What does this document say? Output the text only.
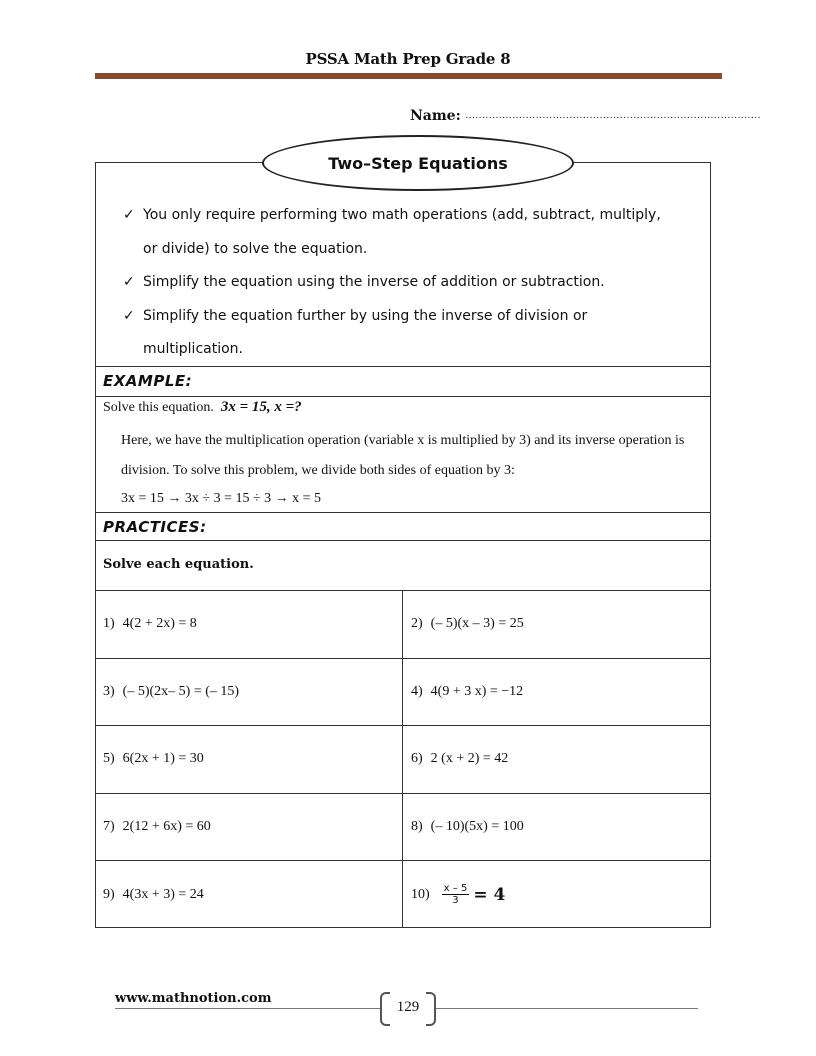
PSSA Math Prep Grade 8
Name: ........................................................................................
Two–Step Equations
✓ You only require performing two math operations (add, subtract, multiply,
or divide) to solve the equation.
✓ Simplify the equation using the inverse of addition or subtraction.
✓ Simplify the equation further by using the inverse of division or
multiplication.
EXAMPLE:
Solve this equation. 3x = 15, x =?

Here, we have the multiplication operation (variable x is multiplied by 3) and its inverse operation is division. To solve this problem, we divide both sides of equation by 3:

3x = 15 → 3x ÷ 3 = 15 ÷ 3 → x = 5
PRACTICES:
Solve each equation.
1) 4(2 + 2x) = 8	2) (– 5)(x – 3) = 25
3) (– 5)(2x– 5) = (– 15)	4) 4(9 + 3 x) = −12
5) 6(2x + 1) = 30	6) 2 (x + 2) = 42
7) 2(12 + 6x) = 60	8) (– 10)(5x) = 100
9) 4(3x + 3) = 24	$10) \frac{x - 5}{3} = 4$
www.mathnotion.com	129
